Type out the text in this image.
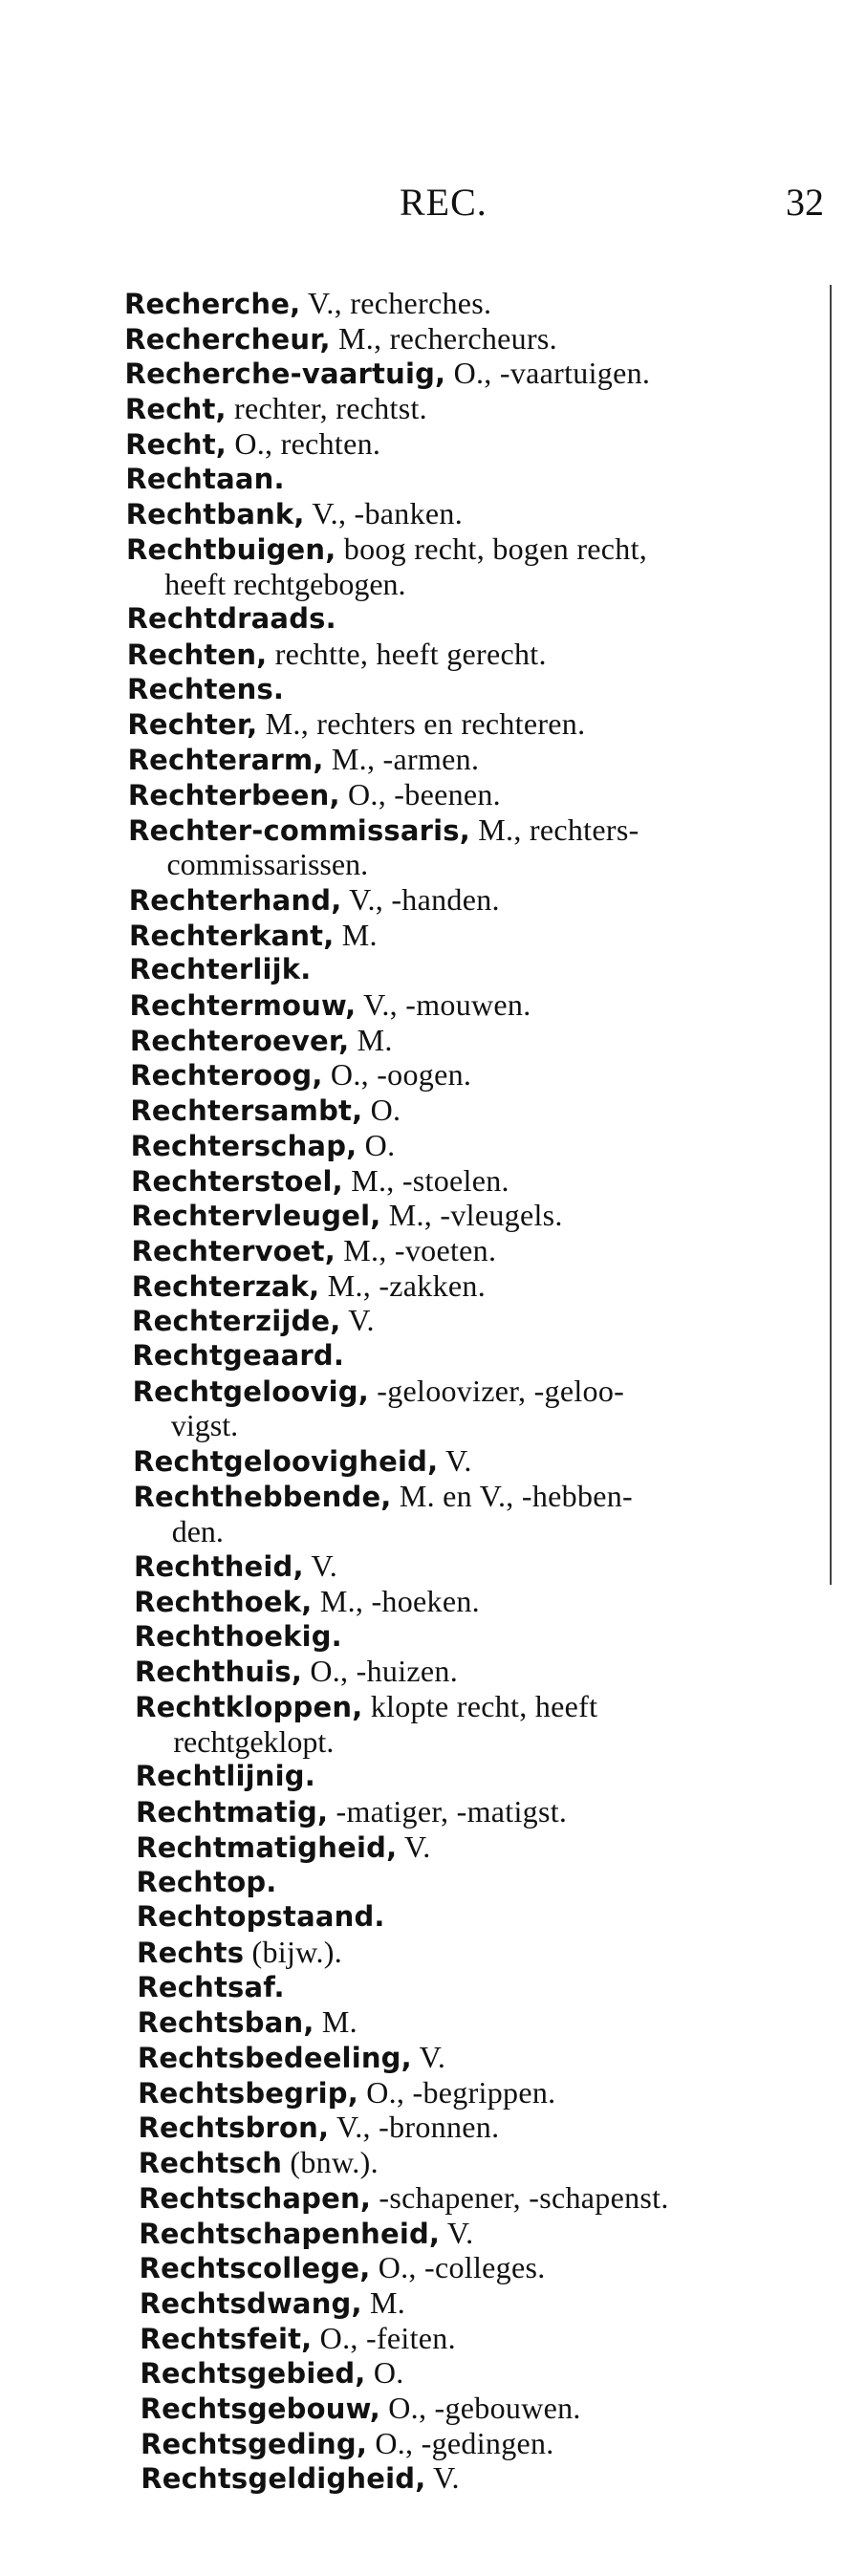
REC.	32
Recherche, V., recherches.
Rechercheur, M., rechercheurs.
Recherche-vaartuig, O., -vaartuigen.
Recht, rechter, rechtst.
Recht, O., rechten.
Rechtaan.
Rechtbank, V., -banken.
Rechtbuigen, boog recht, bogen recht,
heeft rechtgebogen.
Rechtdraads.
Rechten, rechtte, heeft gerecht.
Rechtens.
Rechter, M., rechters en rechteren.
Rechterarm, M., -armen.
Rechterbeen, O., -beenen.
Rechter-commissaris, M., rechters-
commissarissen.
Rechterhand, V., -handen.
Rechterkant, M.
Rechterlijk.
Rechtermouw, V., -mouwen.
Rechteroever, M.
Rechteroog, O., -oogen.
Rechtersambt, O.
Rechterschap, O.
Rechterstoel, M., -stoelen.
Rechtervleugel, M., -vleugels.
Rechtervoet, M., -voeten.
Rechterzak, M., -zakken.
Rechterzijde, V.
Rechtgeaard.
Rechtgeloovig, -geloovizer, -geloo-
vigst.
Rechtgeloovigheid, V.
Rechthebbende, M. en V., -hebben-
den.
Rechtheid, V.
Rechthoek, M., -hoeken.
Rechthoekig.
Rechthuis, O., -huizen.
Rechtkloppen, klopte recht, heeft
rechtgeklopt.
Rechtlijnig.
Rechtmatig, -matiger, -matigst.
Rechtmatigheid, V.
Rechtop.
Rechtopstaand.
Rechts (bijw.).
Rechtsaf.
Rechtsban, M.
Rechtsbedeeling, V.
Rechtsbegrip, O., -begrippen.
Rechtsbron, V., -bronnen.
Rechtsch (bnw.).
Rechtschapen, -schapener, -schapenst.
Rechtschapenheid, V.
Rechtscollege, O., -colleges.
Rechtsdwang, M.
Rechtsfeit, O., -feiten.
Rechtsgebied, O.
Rechtsgebouw, O., -gebouwen.
Rechtsgeding, O., -gedingen.
Rechtsgeldigheid, V.
